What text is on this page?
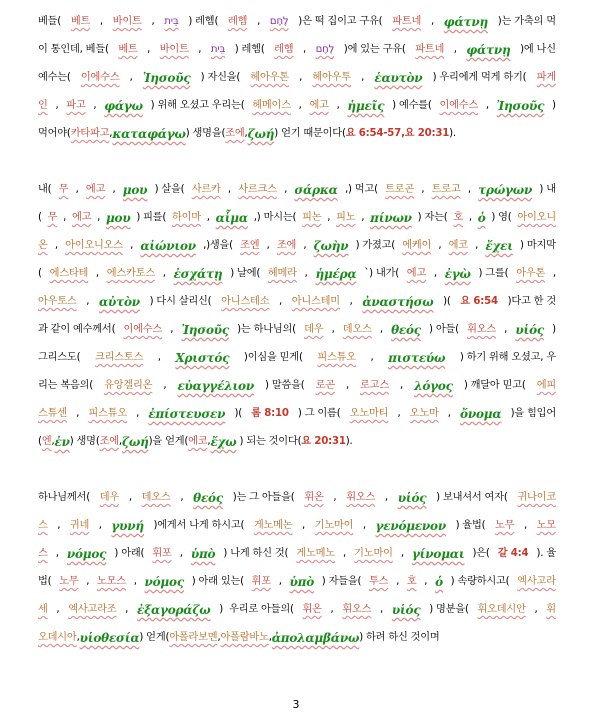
베들( 베트 , 바이트 , בֵּית ) 레헴( 레헴 , לֶחֶם )은 떡 집이고 구유( 파트네 , φάτνῃ )는 가축의 먹
이 통인데, 베들( 베트 , 바이트 , בֵּית ) 레헴( 레헴 , לֶחֶם )에 있는 구유( 파트네 , φάτνῃ )에 나신
예수는( 이에수스 , Ἰησοῦς ) 자신을( 헤아우톤 , 헤아우투 , ἑαυτὸν ) 우리에게 먹게 하기( 파게
인 , 파고 , φάγω ) 위해 오셨고 우리는( 헤메이스 , 에고 , ἡμεῖς ) 예수를( 이에수스 , Ἰησοῦς )
먹어야( 카타파고 , καταφάγω ) 생명을( 조에 , ζωή ) 얻기 때문이다( 요 6:54-57,요 20:31 ).
내( 무 , 에고 , μου ) 살을( 사르카 , 사르크스 , σάρκα ,) 먹고( 트로곤 , 트로고 , τρώγων ) 내
( 무 , 에고 , μου ) 피를( 하이마 , αἷμα ,) 마시는( 피논 , 피노 , πίνων ) 자는( 호 , ὁ ) 영( 아이오니
온 , 아이오니오스 , αἰώνιον ,)생을( 조엔 , 조에 , ζωὴν ) 가졌고( 에케이 , 에코 , ἔχει ) 마지막
( 에스타테 , 에스카토스 , ἐσχάτῃ ) 날에( 헤메라 , ἡμέρᾳ `) 내가( 에고 , ἐγὼ ) 그를( 아우톤 ,
아우토스 , αὐτὸν ) 다시 살리신( 아니스테소 , 아니스테미 , ἀναστήσω )( 요 6:54 )다고 한 것
과 같이 예수께서( 이에수스 , Ἰησοῦς )는 하나님의( 데우 , 데오스 , θεός ) 아들( 휘오스 , υἱός )
그리스도( 크리스토스 , Χριστός )이심을 믿게( 피스튜오 , πιστεύω ) 하기 위해 오셨고, 우
리는 복음의( 유앙겔리온 , εὐαγγέλιον ) 말씀을( 로곤 , 로고스 , λόγος ) 깨달아 믿고( 에피
스튜센 , 피스튜오 , ἐπίστευσεν )( 롬 8:10 ) 그 이름( 오노마티 , 오노마 , ὄνομα )을 힘입어
( 엔 , ἐν ) 생명( 조에 , ζωή )을 얻게( 에코 , ἔχω ) 되는 것이다( 요 20:31 ).
하나님께서( 데우 , 데오스 , θεός )는 그 아들을( 휘온 , 휘오스 , υἱός ) 보내셔서 여자( 귀나이코
스 , 귀네 , γυνή )에게서 나게 하시고( 게노메논 , 기노마이 , γενόμενον ) 율법( 노무 , 노모
스 , νόμος ) 아래( 휘포 , ὑπὸ ) 나게 하신 것( 게노메노 , 기노마이 , γίνομαι )은( 갈 4:4 ). 율
법( 노무 , 노모스 , νόμος ) 아래 있는( 휘포 , ὑπὸ ) 자들을( 투스 , 호 , ὁ ) 속량하시고( 엑사고라
세 , 엑사고라조 , ἐξαγοράζω )  우리로 아들의( 휘온 , 휘오스 , υἱός ) 명분을( 휘오데시안 , 휘
오데시아 , υἱοθεσία ) 얻게( 아폴라보멘 , 아폴람바노 , ἀπολαμβάνω ) 하려 하신 것이며
3
